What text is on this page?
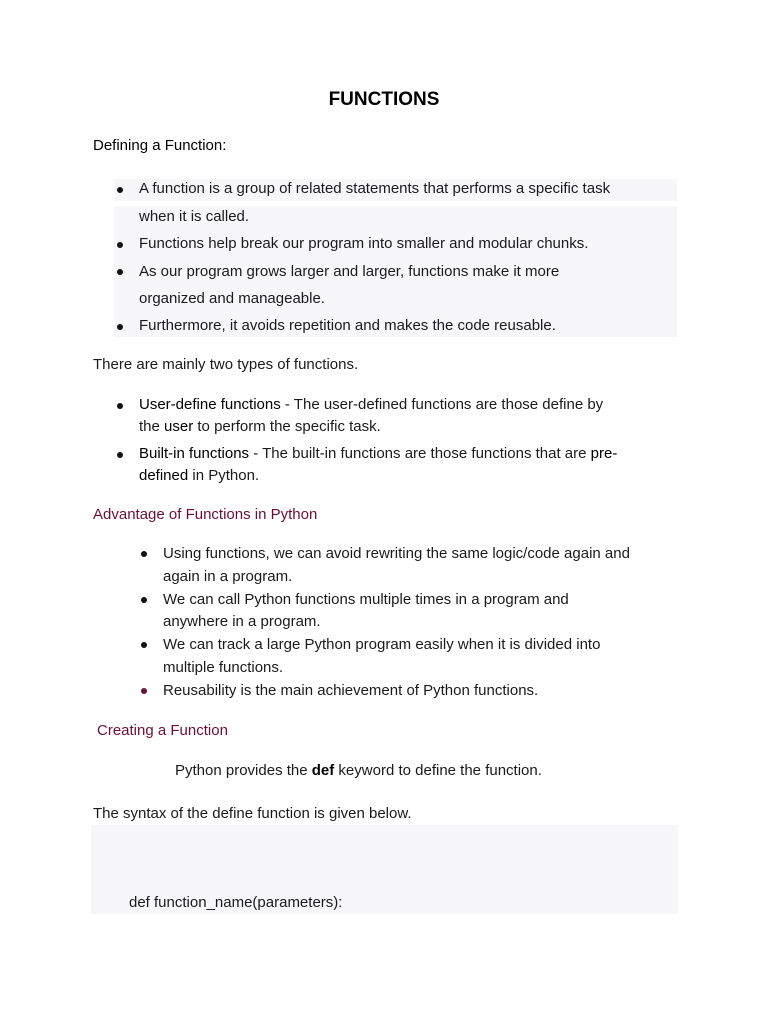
FUNCTIONS
Defining a Function:
A function is a group of related statements that performs a specific task
when it is called.
Functions help break our program into smaller and modular chunks.
As our program grows larger and larger, functions make it more
organized and manageable.
Furthermore, it avoids repetition and makes the code reusable.
There are mainly two types of functions.
User-define functions - The user-defined functions are those define by
the user to perform the specific task.
Built-in functions - The built-in functions are those functions that are pre-
defined in Python.
Advantage of Functions in Python
Using functions, we can avoid rewriting the same logic/code again and
again in a program.
We can call Python functions multiple times in a program and
anywhere in a program.
We can track a large Python program easily when it is divided into
multiple functions.
Reusability is the main achievement of Python functions.
Creating a Function
Python provides the def keyword to define the function.
The syntax of the define function is given below.
def function_name(parameters):
